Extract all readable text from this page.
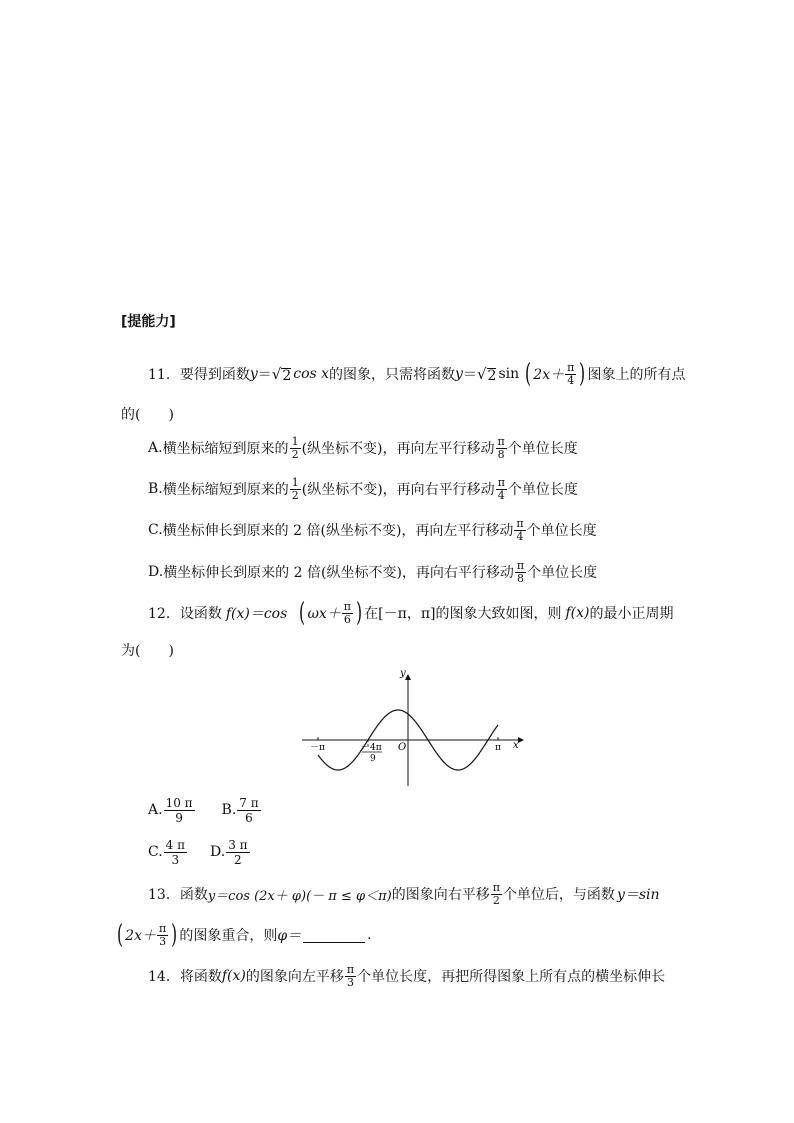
[提能力]
11． 要得到函数 y ＝ √ 2 cos x 的图象，只需将函数 y ＝ √ 2 sin ( $2x+ \frac{\pi}{4}$ ) 图象上的所有点
的(　　)
A. 横坐标缩短到原来的 $\frac{1}{2}$ (纵坐标不变)，再向左平行移动 $\frac{\pi}{8}$ 个单位长度
B. 横坐标缩短到原来的 $\frac{1}{2}$ (纵坐标不变)，再向右平行移动 $\frac{\pi}{4}$ 个单位长度
C. 横坐标伸长到原来的 2 倍(纵坐标不变)，再向左平行移动 $\frac{\pi}{4}$ 个单位长度
D. 横坐标伸长到原来的 2 倍(纵坐标不变)，再向右平行移动 $\frac{\pi}{8}$ 个单位长度
12． 设函数 f(x)＝cos ( $\omega x+ \frac{\pi}{6}$ ) 在[－π，π]的图象大致如图，则 f(x) 的最小正周期
为(　　)
y
x
O
－π	π
－4π
9
A. $\frac{10 \pi}{9} B$. $\frac{7 \pi}{6}$
C. $\frac{4 \pi}{3} D$. $\frac{3 \pi}{2}$
13． 函数 y＝cos (2x＋ φ)(－ π ≤ φ＜π) 的图象向右平移 $\frac{\pi}{2}$ 个单位后，与函数 y＝sin
( $2x+ \frac{\pi}{3}$ ) 的图象重合，则 φ＝	.
14． 将函数 f(x) 的图象向左平移 $\frac{\pi}{3}$ 个单位长度，再把所得图象上所有点的横坐标伸长
